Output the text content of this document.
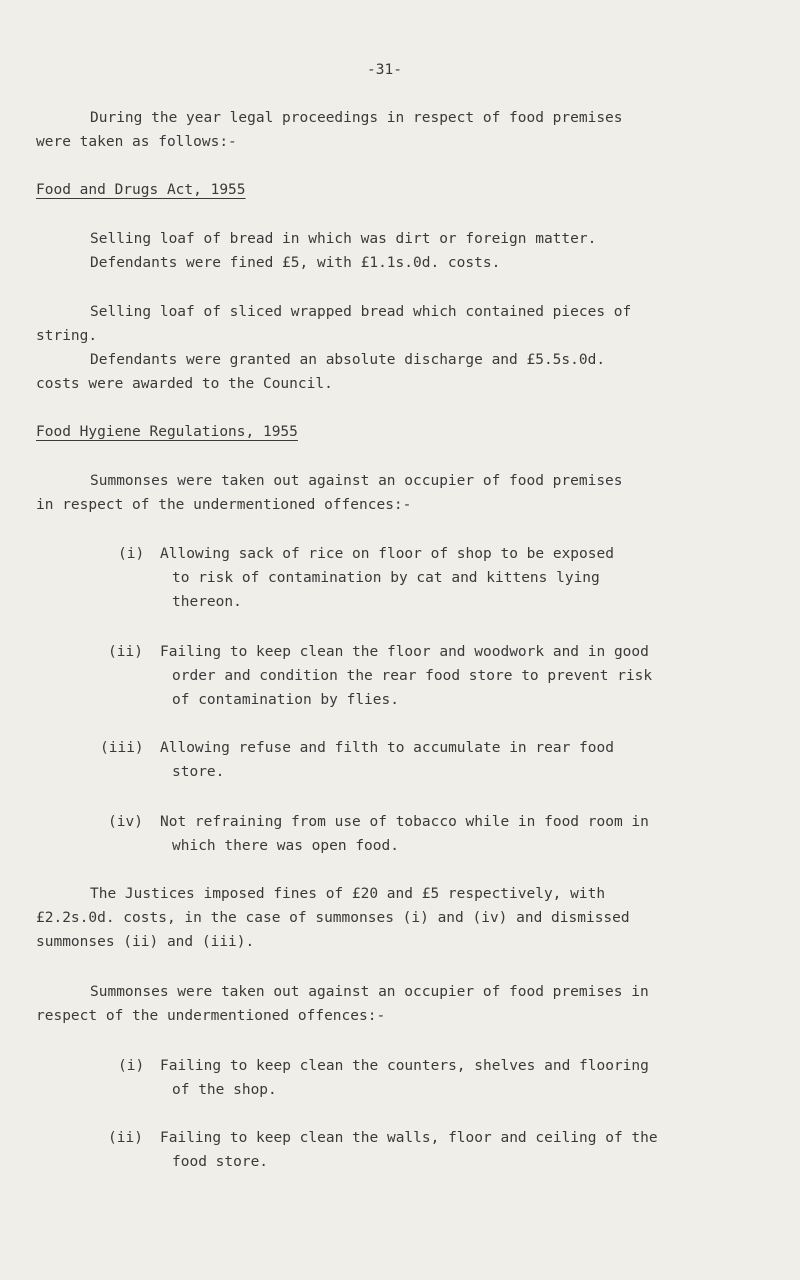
-31-
During the year legal proceedings in respect of food premises
were taken as follows:-
Food and Drugs Act, 1955
Selling loaf of bread in which was dirt or foreign matter.
Defendants were fined £5, with £1.1s.0d. costs.
Selling loaf of sliced wrapped bread which contained pieces of
string.
Defendants were granted an absolute discharge and £5.5s.0d.
costs were awarded to the Council.
Food Hygiene Regulations, 1955
Summonses were taken out against an occupier of food premises
in respect of the undermentioned offences:-
(i) Allowing sack of rice on floor of shop to be exposed
to risk of contamination by cat and kittens lying
thereon.
(ii) Failing to keep clean the floor and woodwork and in good
order and condition the rear food store to prevent risk
of contamination by flies.
(iii) Allowing refuse and filth to accumulate in rear food
store.
(iv) Not refraining from use of tobacco while in food room in
which there was open food.
The Justices imposed fines of £20 and £5 respectively, with
£2.2s.0d. costs, in the case of summonses (i) and (iv) and dismissed
summonses (ii) and (iii).
Summonses were taken out against an occupier of food premises in
respect of the undermentioned offences:-
(i) Failing to keep clean the counters, shelves and flooring
of the shop.
(ii) Failing to keep clean the walls, floor and ceiling of the
food store.
